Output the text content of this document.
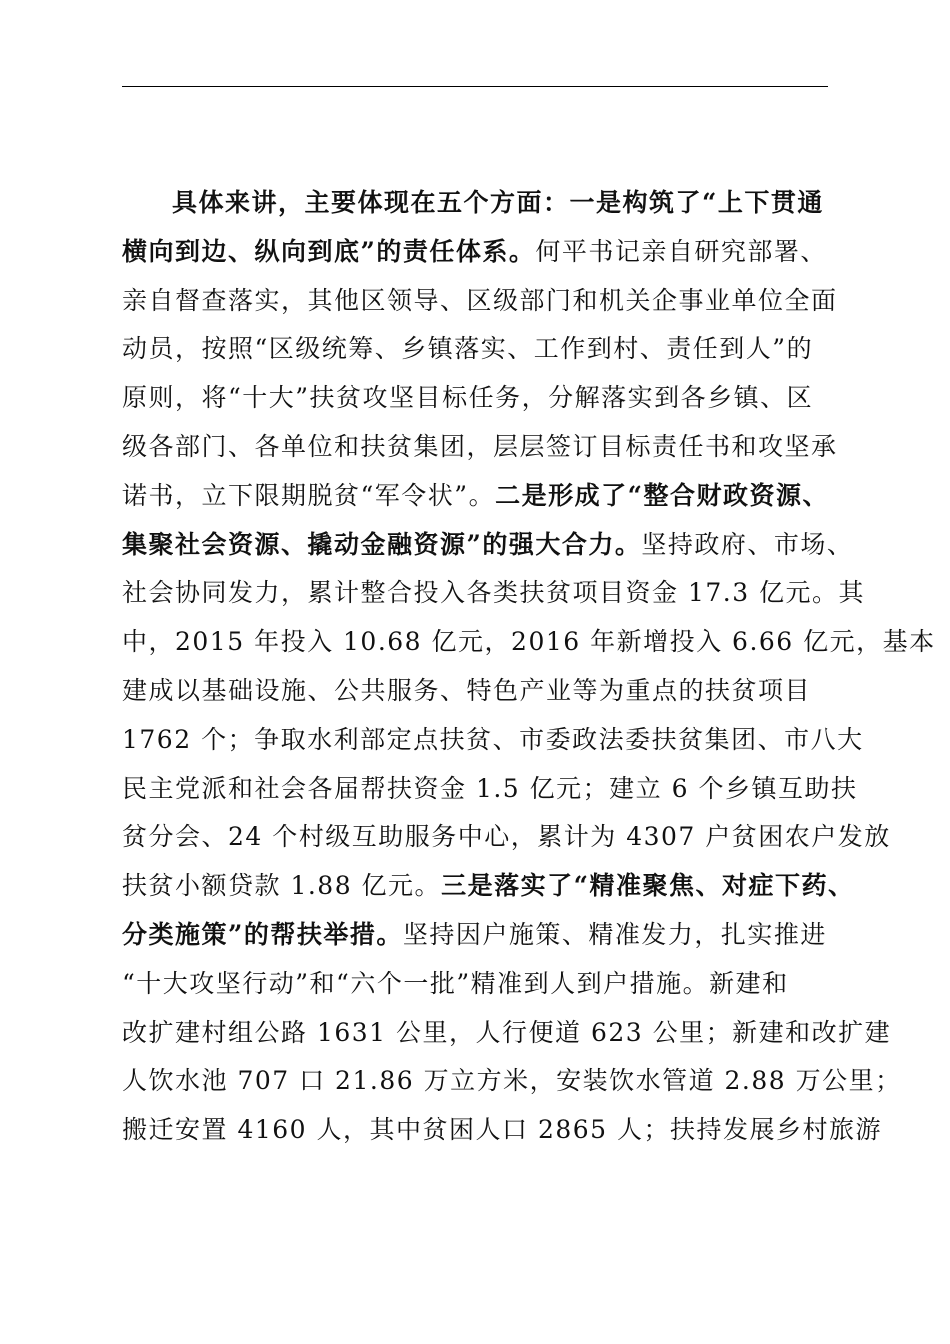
具体来讲，主要体现在五个方面：一是构筑了“上下贯通
横向到边、纵向到底”的责任体系。何平书记亲自研究部署、
亲自督查落实，其他区领导、区级部门和机关企事业单位全面
动员，按照“区级统筹、乡镇落实、工作到村、责任到人”的
原则，将“十大”扶贫攻坚目标任务，分解落实到各乡镇、区
级各部门、各单位和扶贫集团，层层签订目标责任书和攻坚承
诺书，立下限期脱贫“军令状”。二是形成了“整合财政资源、
集聚社会资源、撬动金融资源”的强大合力。坚持政府、市场、
社会协同发力，累计整合投入各类扶贫项目资金 17.3 亿元。其
中，2015 年投入 10.68 亿元，2016 年新增投入 6.66 亿元，基本
建成以基础设施、公共服务、特色产业等为重点的扶贫项目
1762 个；争取水利部定点扶贫、市委政法委扶贫集团、市八大
民主党派和社会各届帮扶资金 1.5 亿元；建立 6 个乡镇互助扶
贫分会、24 个村级互助服务中心，累计为 4307 户贫困农户发放
扶贫小额贷款 1.88 亿元。三是落实了“精准聚焦、对症下药、
分类施策”的帮扶举措。坚持因户施策、精准发力，扎实推进
“十大攻坚行动”和“六个一批”精准到人到户措施。新建和
改扩建村组公路 1631 公里，人行便道 623 公里；新建和改扩建
人饮水池 707 口 21.86 万立方米，安装饮水管道 2.88 万公里；
搬迁安置 4160 人，其中贫困人口 2865 人；扶持发展乡村旅游
